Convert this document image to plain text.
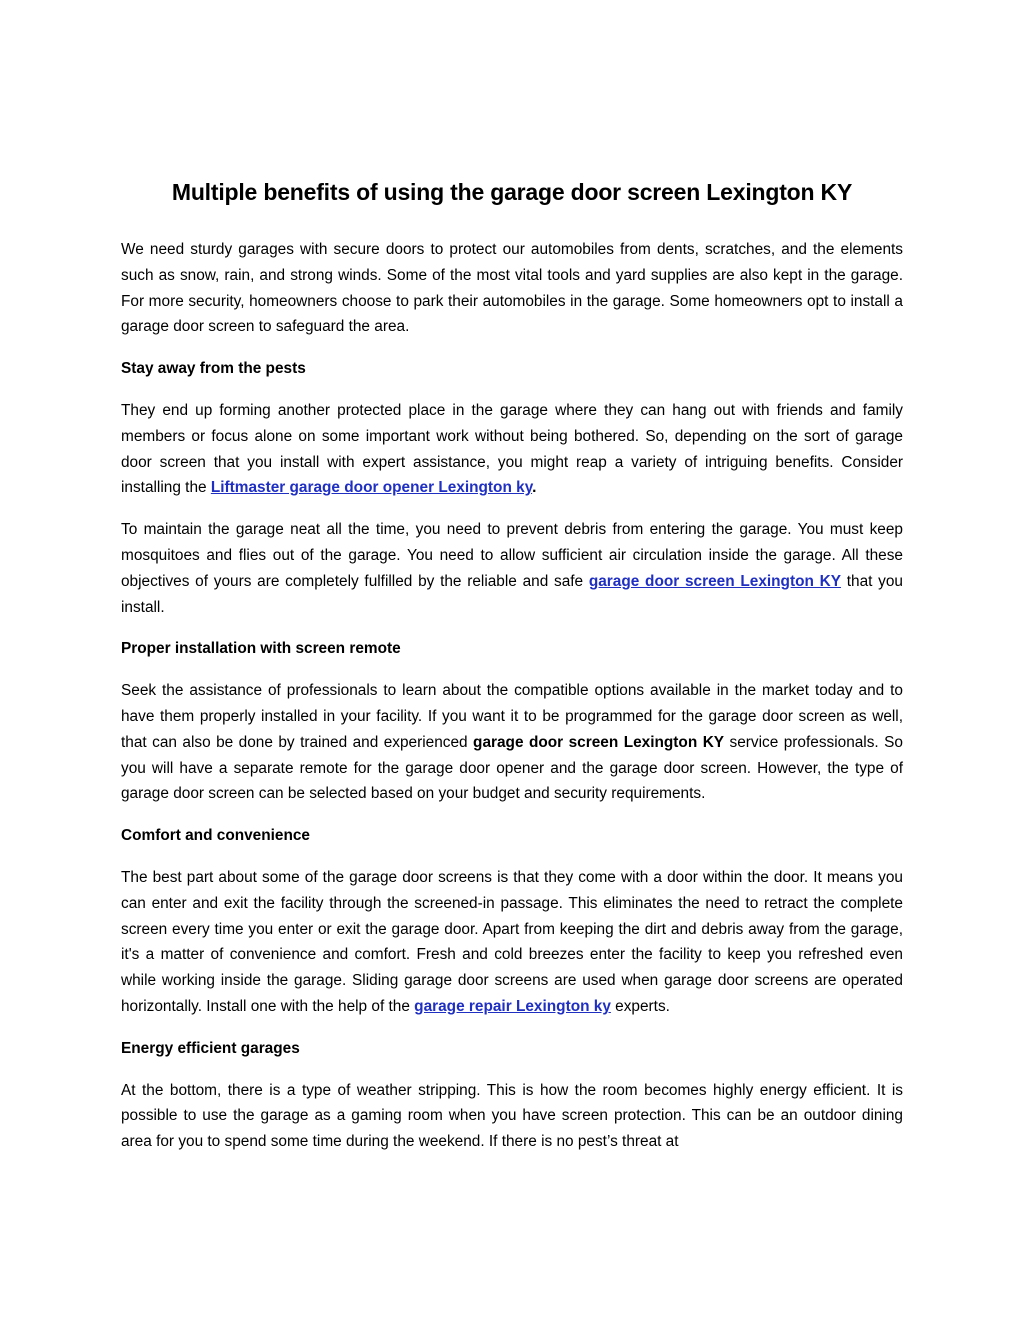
Multiple benefits of using the garage door screen Lexington KY

We need sturdy garages with secure doors to protect our automobiles from dents, scratches, and the elements such as snow, rain, and strong winds. Some of the most vital tools and yard supplies are also kept in the garage. For more security, homeowners choose to park their automobiles in the garage. Some homeowners opt to install a garage door screen to safeguard the area.

Stay away from the pests

They end up forming another protected place in the garage where they can hang out with friends and family members or focus alone on some important work without being bothered. So, depending on the sort of garage door screen that you install with expert assistance, you might reap a variety of intriguing benefits. Consider installing the Liftmaster garage door opener Lexington ky.

To maintain the garage neat all the time, you need to prevent debris from entering the garage. You must keep mosquitoes and flies out of the garage. You need to allow sufficient air circulation inside the garage. All these objectives of yours are completely fulfilled by the reliable and safe garage door screen Lexington KY that you install.

Proper installation with screen remote

Seek the assistance of professionals to learn about the compatible options available in the market today and to have them properly installed in your facility. If you want it to be programmed for the garage door screen as well, that can also be done by trained and experienced garage door screen Lexington KY service professionals. So you will have a separate remote for the garage door opener and the garage door screen. However, the type of garage door screen can be selected based on your budget and security requirements.

Comfort and convenience

The best part about some of the garage door screens is that they come with a door within the door. It means you can enter and exit the facility through the screened-in passage. This eliminates the need to retract the complete screen every time you enter or exit the garage door. Apart from keeping the dirt and debris away from the garage, it's a matter of convenience and comfort. Fresh and cold breezes enter the facility to keep you refreshed even while working inside the garage. Sliding garage door screens are used when garage door screens are operated horizontally. Install one with the help of the garage repair Lexington ky experts.

Energy efficient garages

At the bottom, there is a type of weather stripping. This is how the room becomes highly energy efficient. It is possible to use the garage as a gaming room when you have screen protection. This can be an outdoor dining area for you to spend some time during the weekend. If there is no pest’s threat at
